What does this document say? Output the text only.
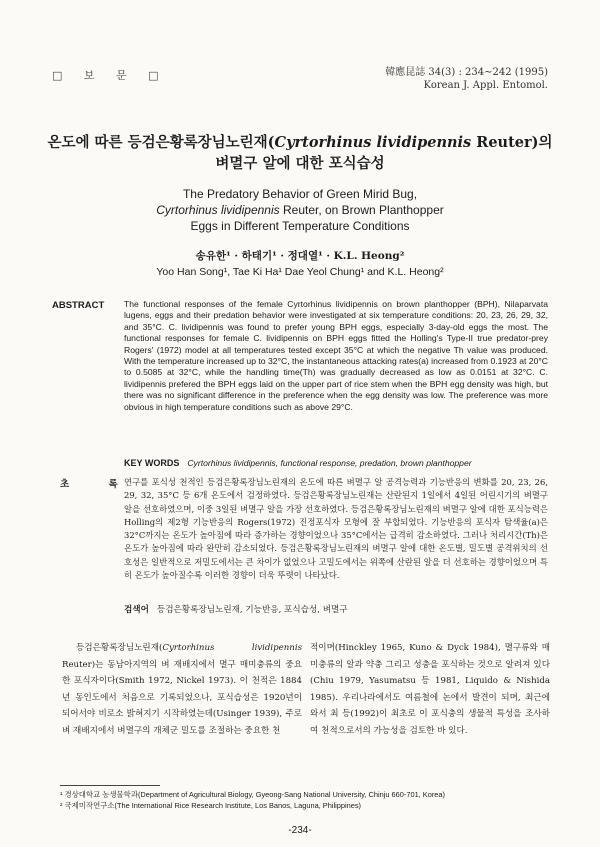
□ 보 문 □	韓應昆誌 34(3) : 234∼242 (1995)
Korean J. Appl. Entomol.
온도에 따른 등검은황록장님노린재(Cyrtorhinus lividipennis Reuter)의
벼멸구 알에 대한 포식습성
The Predatory Behavior of Green Mirid Bug,
Cyrtorhinus lividipennis Reuter, on Brown Planthopper
Eggs in Different Temperature Conditions
송유한¹ · 하태기¹ · 정대열¹ · K.L. Heong²
Yoo Han Song¹, Tae Ki Ha¹ Dae Yeol Chung¹ and K.L. Heong²
ABSTRACT The functional responses of the female Cyrtorhinus lividipennis on brown planthopper (BPH), Nilaparvata lugens, eggs and their predation behavior were investigated at six temperature conditions: 20, 23, 26, 29, 32, and 35°C. C. lividipennis was found to prefer young BPH eggs, especially 3-day-old eggs the most. The functional responses for female C. lividipennis on BPH eggs fitted the Holling's Type-II true predator-prey Rogers' (1972) model at all temperatures tested except 35°C at which the negative Th value was produced. With the temperature increased up to 32°C, the instantaneous attacking rates(a) increased from 0.1923 at 20°C to 0.5085 at 32°C, while the handling time(Th) was gradually decreased as low as 0.0151 at 32°C. C. lividipennis prefered the BPH eggs laid on the upper part of rice stem when the BPH egg density was high, but there was no significant difference in the preference when the egg density was low. The preference was more obvious in high temperature conditions such as above 29°C.
KEY WORDS Cyrtorhinus lividipennis, functional response, predation, brown planthopper
초 록
연구를 포식성 천적인 등검은황록장님노린재의 온도에 따른 벼멸구 알 공격능력과 기능반응의 변화를 20, 23, 26, 29, 32, 35°C 등 6개 온도에서 검정하였다. 등검은황록장님노린재는 산란된지 1일에서 4일된 어린시기의 벼멸구 알을 선호하였으며, 이중 3일된 벼멸구 알을 가장 선호하였다. 등검은황록장님노린재의 벼멸구 알에 대한 포식능력은 Holling의 제2형 기능반응의 Rogers(1972) 진정포식자 모형에 잘 부합되었다. 기능반응의 포식자 탐색율(a)은 32°C까지는 온도가 높아짐에 따라 증가하는 경향이었으나 35°C에서는 급격히 감소하였다. 그러나 처리시간(Th)은 온도가 높아짐에 따라 완만히 감소되었다. 등검은황록장님노린재의 벼멸구 알에 대한 온도별, 밀도별 공격위치의 선호성은 일반적으로 저밀도에서는 큰 차이가 없었으나 고밀도에서는 위쪽에 산란된 알을 더 선호하는 경향이었으며 특히 온도가 높아질수록 이러한 경향이 더욱 뚜렷이 나타났다.
검색어 등검은황록장님노린재, 기능반응, 포식습성, 벼멸구
등검은황록장님노린재(Cyrtorhinus lividipennis Reuter)는 동남아지역의 벼 재배지에서 멸구 매미충류의 중요한 포식자이다(Smith 1972, Nickel 1973). 이 천적은 1884년 동인도에서 처음으로 기록되었으나, 포식습성은 1920년이 되어서야 비로소 밝혀지기 시작하였는데(Usinger 1939), 주로 벼 재배지에서 벼멸구의 개체군 밀도를 조절하는 중요한 천
적이며(Hinckley 1965, Kuno & Dyck 1984), 멸구류와 매미충류의 알과 약충 그리고 성충을 포식하는 것으로 알려져 있다(Chiu 1979, Yasumatsu 등 1981, Liquido & Nishida 1985). 우리나라에서도 여름철에 논에서 발견이 되며, 최근에 와서 최 등(1992)이 최초로 이 포식충의 생물적 특성을 조사하여 천적으로서의 가능성을 검토한 바 있다.
¹ 경상대학교 농생물학과(Department of Agricultural Biology, Gyeong-Sang National University, Chinju 660-701, Korea)
² 국제미작연구소(The International Rice Research Institute, Los Banos, Laguna, Philippines)
-234-
